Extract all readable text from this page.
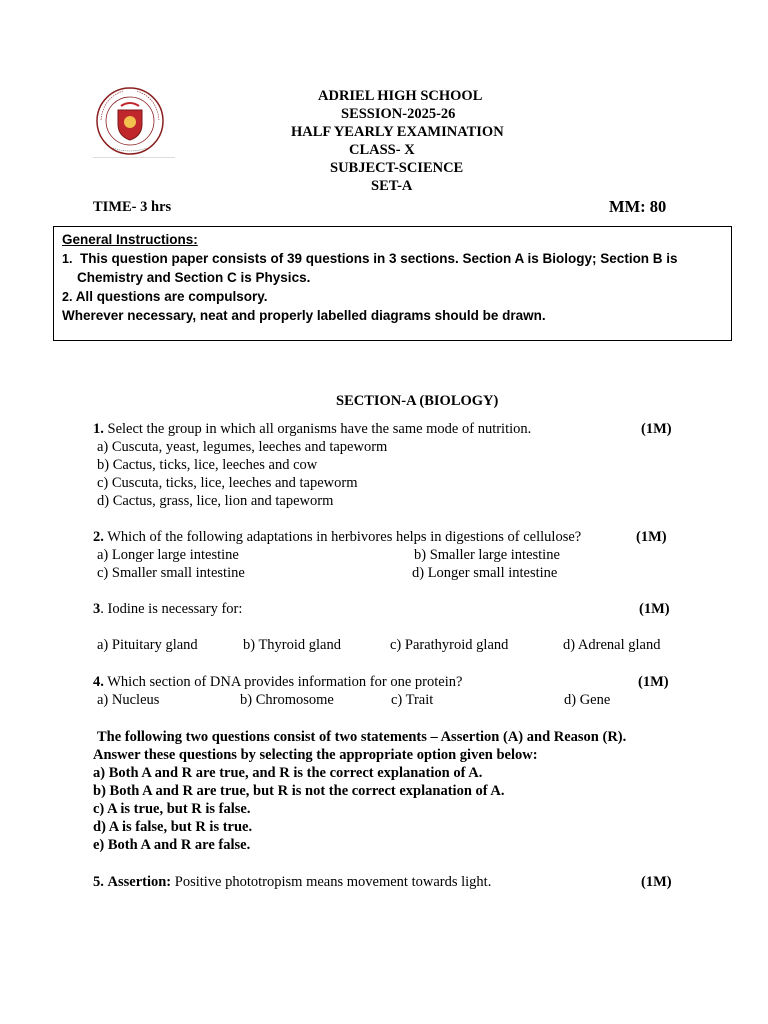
ADRIEL HIGH SCHOOL
SESSION-2025-26
HALF YEARLY EXAMINATION
CLASS- X
SUBJECT-SCIENCE
SET-A
TIME- 3 hrs	MM: 80
General Instructions:
1. This question paper consists of 39 questions in 3 sections. Section A is Biology; Section B is
Chemistry and Section C is Physics.
2. All questions are compulsory.
Wherever necessary, neat and properly labelled diagrams should be drawn.
SECTION-A (BIOLOGY)
1. Select the group in which all organisms have the same mode of nutrition.	(1M)
a) Cuscuta, yeast, legumes, leeches and tapeworm
b) Cactus, ticks, lice, leeches and cow
c) Cuscuta, ticks, lice, leeches and tapeworm
d) Cactus, grass, lice, lion and tapeworm
2. Which of the following adaptations in herbivores helps in digestions of cellulose?	(1M)
a) Longer large intestine	b) Smaller large intestine
c) Smaller small intestine	d) Longer small intestine
3. Iodine is necessary for:	(1M)
a) Pituitary gland	b) Thyroid gland	c) Parathyroid gland	d) Adrenal gland
4. Which section of DNA provides information for one protein?	(1M)
a) Nucleus	b) Chromosome	c) Trait	d) Gene
The following two questions consist of two statements – Assertion (A) and Reason (R).
Answer these questions by selecting the appropriate option given below:
a) Both A and R are true, and R is the correct explanation of A.
b) Both A and R are true, but R is not the correct explanation of A.
c) A is true, but R is false.
d) A is false, but R is true.
e) Both A and R are false.
5. Assertion: Positive phototropism means movement towards light.	(1M)
